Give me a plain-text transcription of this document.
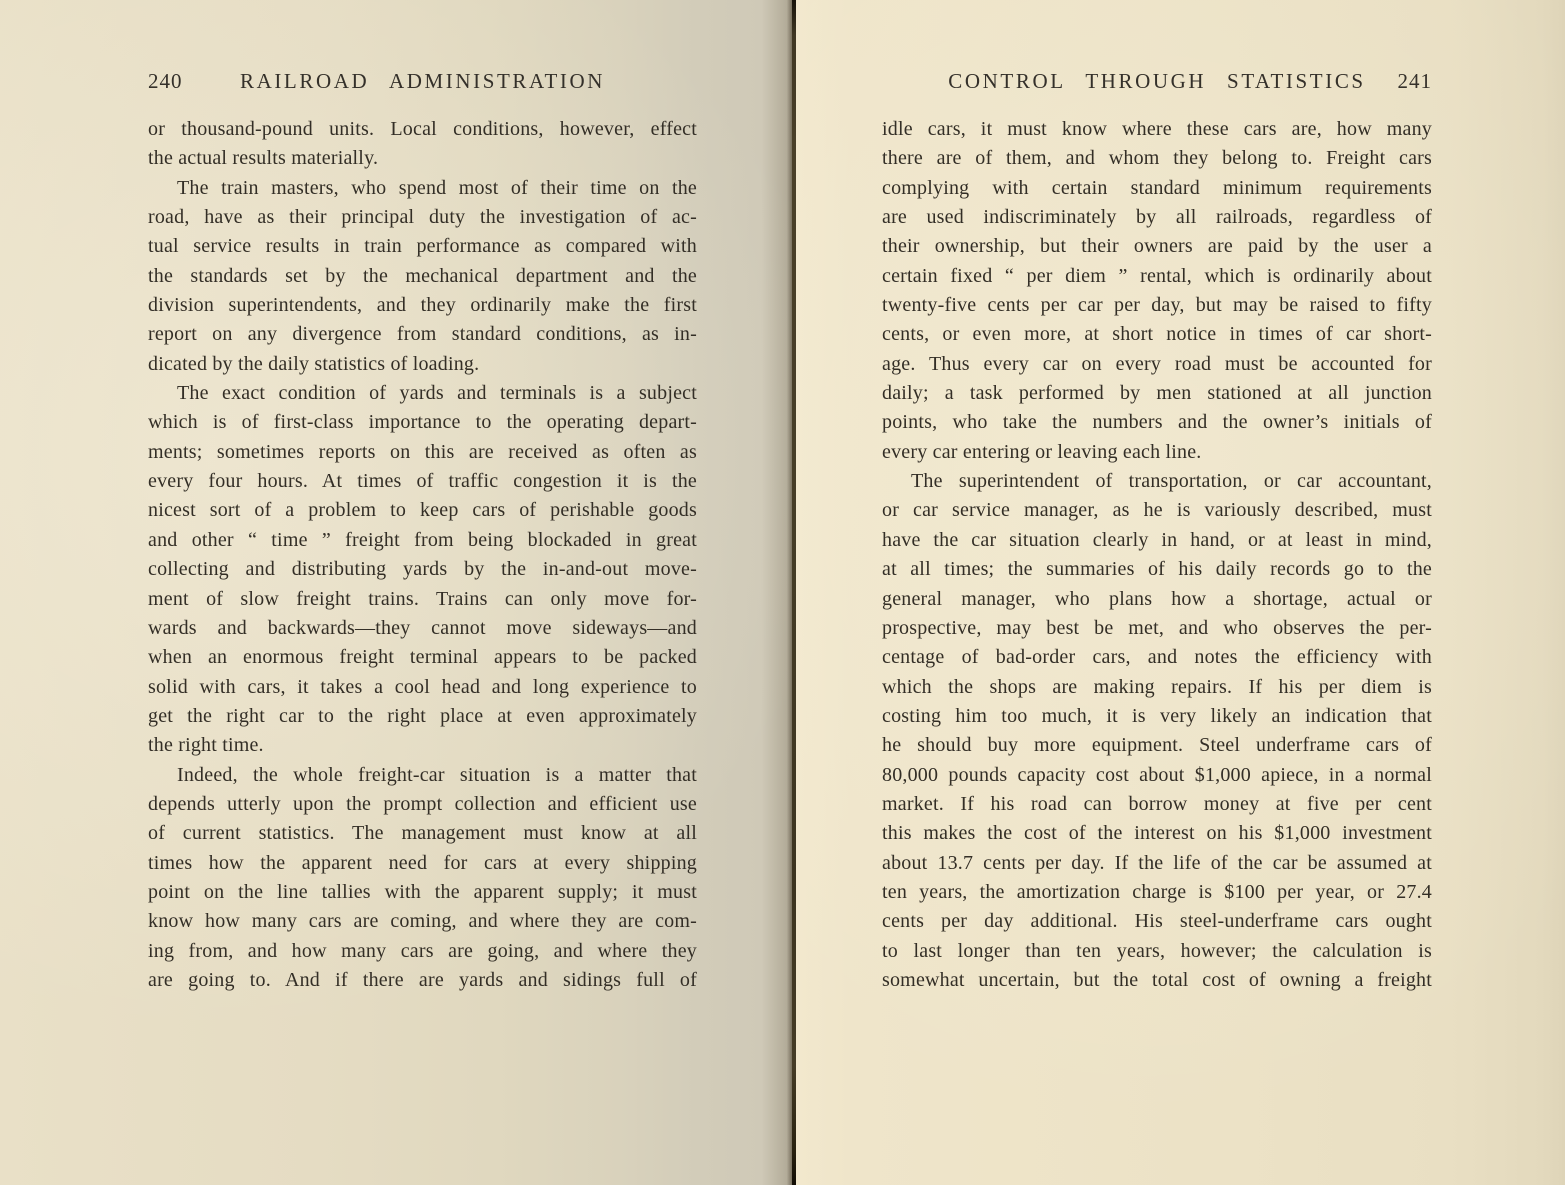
240	RAILROAD ADMINISTRATION
or thousand-pound units. Local conditions, however, effect
the actual results materially.
The train masters, who spend most of their time on the
road, have as their principal duty the investigation of ac-
tual service results in train performance as compared with
the standards set by the mechanical department and the
division superintendents, and they ordinarily make the first
report on any divergence from standard conditions, as in-
dicated by the daily statistics of loading.
The exact condition of yards and terminals is a subject
which is of first-class importance to the operating depart-
ments; sometimes reports on this are received as often as
every four hours. At times of traffic congestion it is the
nicest sort of a problem to keep cars of perishable goods
and other “ time ” freight from being blockaded in great
collecting and distributing yards by the in-and-out move-
ment of slow freight trains. Trains can only move for-
wards and backwards—they cannot move sideways—and
when an enormous freight terminal appears to be packed
solid with cars, it takes a cool head and long experience to
get the right car to the right place at even approximately
the right time.
Indeed, the whole freight-car situation is a matter that
depends utterly upon the prompt collection and efficient use
of current statistics. The management must know at all
times how the apparent need for cars at every shipping
point on the line tallies with the apparent supply; it must
know how many cars are coming, and where they are com-
ing from, and how many cars are going, and where they
are going to. And if there are yards and sidings full of
CONTROL THROUGH STATISTICS	241
idle cars, it must know where these cars are, how many
there are of them, and whom they belong to. Freight cars
complying with certain standard minimum requirements
are used indiscriminately by all railroads, regardless of
their ownership, but their owners are paid by the user a
certain fixed “ per diem ” rental, which is ordinarily about
twenty-five cents per car per day, but may be raised to fifty
cents, or even more, at short notice in times of car short-
age. Thus every car on every road must be accounted for
daily; a task performed by men stationed at all junction
points, who take the numbers and the owner’s initials of
every car entering or leaving each line.
The superintendent of transportation, or car accountant,
or car service manager, as he is variously described, must
have the car situation clearly in hand, or at least in mind,
at all times; the summaries of his daily records go to the
general manager, who plans how a shortage, actual or
prospective, may best be met, and who observes the per-
centage of bad-order cars, and notes the efficiency with
which the shops are making repairs. If his per diem is
costing him too much, it is very likely an indication that
he should buy more equipment. Steel underframe cars of
80,000 pounds capacity cost about $1,000 apiece, in a normal
market. If his road can borrow money at five per cent
this makes the cost of the interest on his $1,000 investment
about 13.7 cents per day. If the life of the car be assumed at
ten years, the amortization charge is $100 per year, or 27.4
cents per day additional. His steel-underframe cars ought
to last longer than ten years, however; the calculation is
somewhat uncertain, but the total cost of owning a freight
